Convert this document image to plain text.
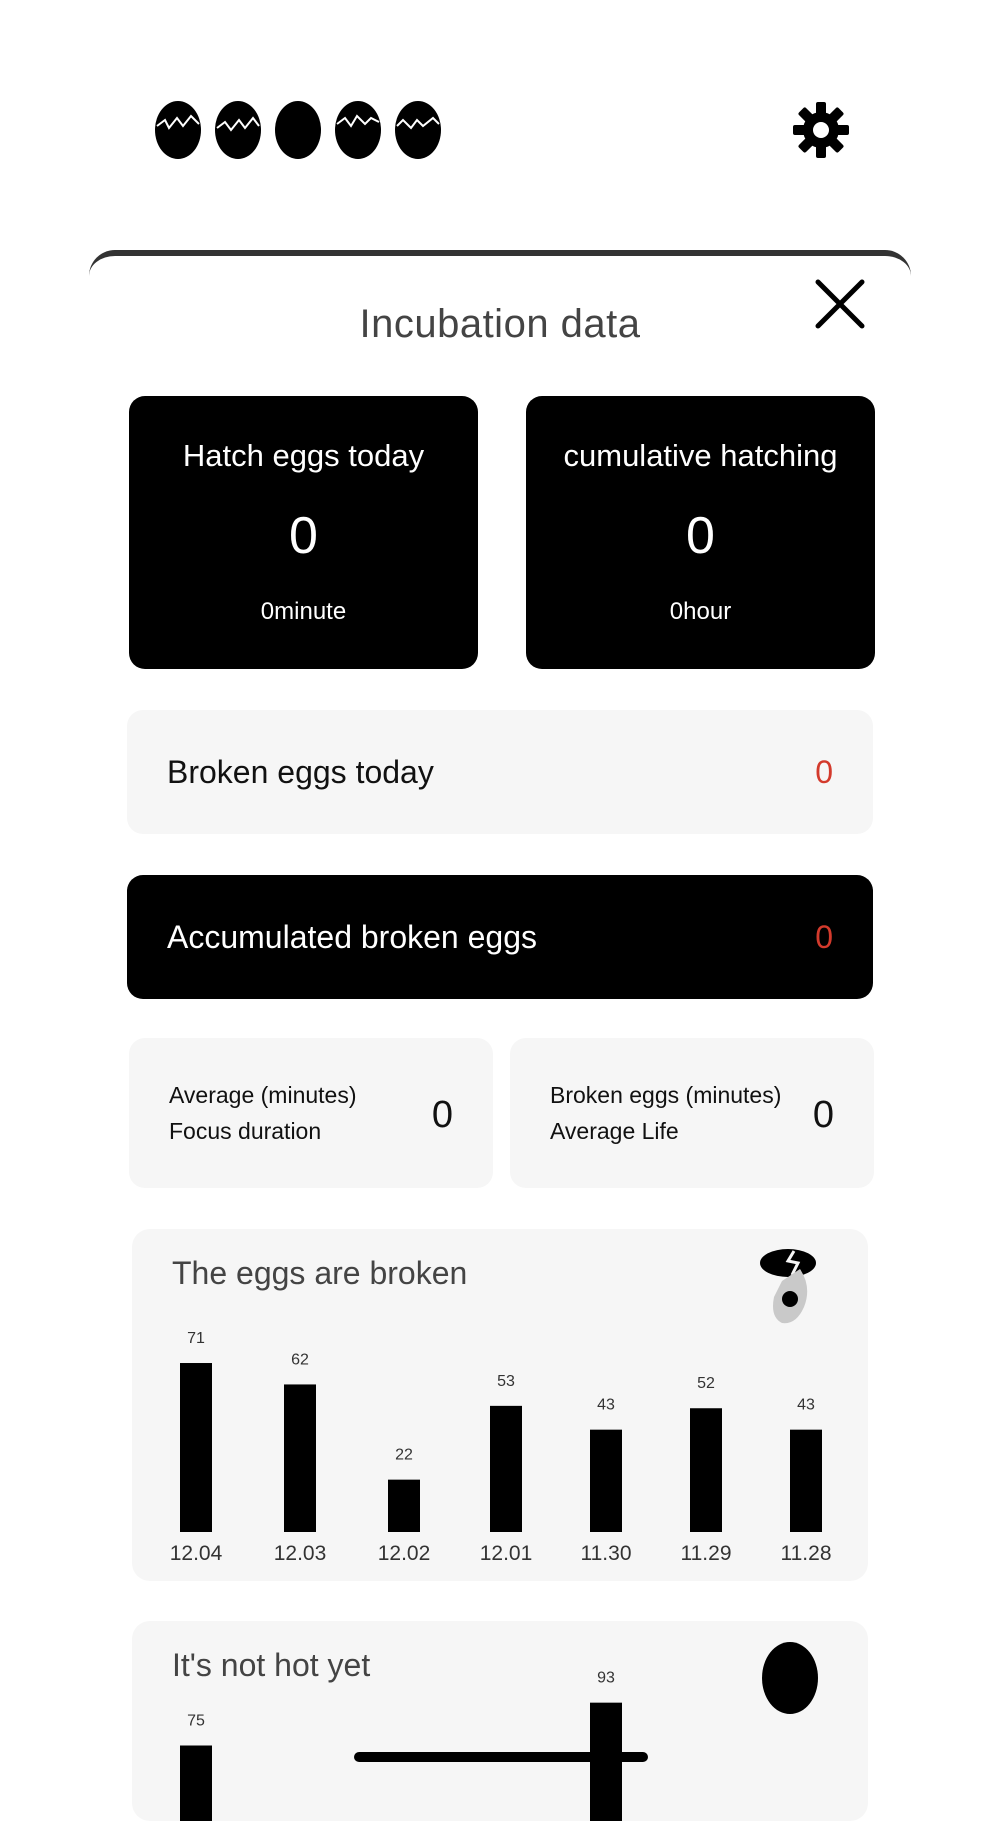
Incubation data
Hatch eggs today
0
0minute
cumulative hatching
0
0hour
Broken eggs today	0
Accumulated broken eggs	0
Average (minutes)
Focus duration	0	Broken eggs (minutes)
Average Life	0
The eggs are broken
71
12.04
62
12.03
22
12.02
53
12.01
43
11.30
52
11.29
43
11.28
It's not hot yet
75
93
